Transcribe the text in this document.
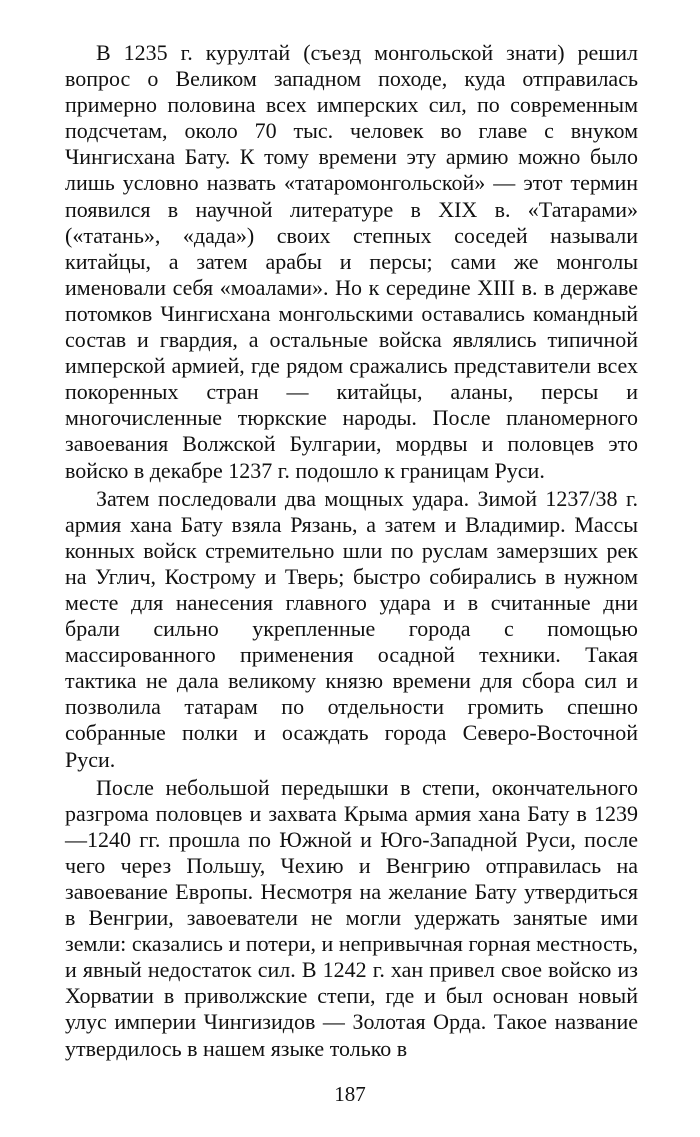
В 1235 г. курултай (съезд монгольской знати) решил вопрос о Великом западном походе, куда отправилась примерно половина всех имперских сил, по современным подсчетам, около 70 тыс. человек во главе с внуком Чингисхана Бату. К тому времени эту армию можно было лишь условно назвать «татаромонгольской» — этот термин появился в научной литературе в XIX в. «Татарами» («татань», «дада») своих степных соседей называли китайцы, а затем арабы и персы; сами же монголы именовали себя «моалами». Но к середине XIII в. в державе потомков Чингисхана монгольскими оставались командный состав и гвардия, а остальные войска являлись типичной имперской армией, где рядом сражались представители всех покоренных стран — китайцы, аланы, персы и многочисленные тюркские народы. После планомерного завоевания Волжской Булгарии, мордвы и половцев это войско в декабре 1237 г. подошло к границам Руси.

Затем последовали два мощных удара. Зимой 1237/38 г. армия хана Бату взяла Рязань, а затем и Владимир. Массы конных войск стремительно шли по руслам замерзших рек на Углич, Кострому и Тверь; быстро собирались в нужном месте для нанесения главного удара и в считанные дни брали сильно укрепленные города с помощью массированного применения осадной техники. Такая тактика не дала великому князю времени для сбора сил и позволила татарам по отдельности громить спешно собранные полки и осаждать города Северо-Восточной Руси.

После небольшой передышки в степи, окончательного разгрома половцев и захвата Крыма армия хана Бату в 1239—1240 гг. прошла по Южной и Юго-Западной Руси, после чего через Польшу, Чехию и Венгрию отправилась на завоевание Европы. Несмотря на желание Бату утвердиться в Венгрии, завоеватели не могли удержать занятые ими земли: сказались и потери, и непривычная горная местность, и явный недостаток сил. В 1242 г. хан привел свое войско из Хорватии в приволжские степи, где и был основан новый улус империи Чингизидов — Золотая Орда. Такое название утвердилось в нашем языке только в

187
